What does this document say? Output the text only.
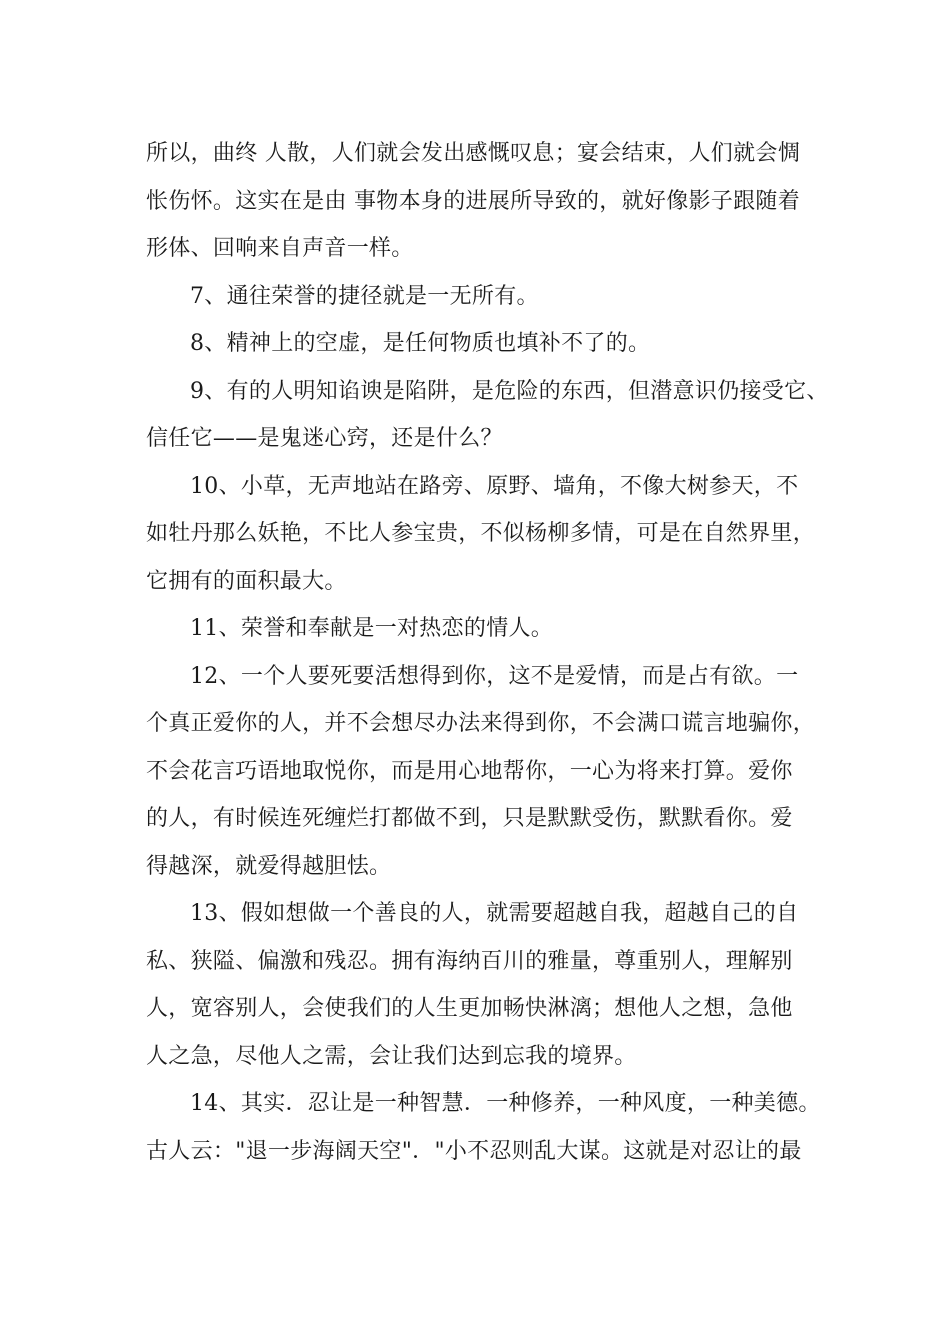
所以，曲终 人散，人们就会发出感慨叹息；宴会结束，人们就会惆
怅伤怀。这实在是由 事物本身的进展所导致的，就好像影子跟随着
形体、回响来自声音一样。
7、通往荣誉的捷径就是一无所有。
8、精神上的空虚，是任何物质也填补不了的。
9、有的人明知谄谀是陷阱，是危险的东西，但潜意识仍接受它、
信任它——是鬼迷心窍，还是什么？
10、小草，无声地站在路旁、原野、墙角，不像大树参天，不
如牡丹那么妖艳，不比人参宝贵，不似杨柳多情，可是在自然界里，
它拥有的面积最大。
11、荣誉和奉献是一对热恋的情人。
12、一个人要死要活想得到你，这不是爱情，而是占有欲。一
个真正爱你的人，并不会想尽办法来得到你，不会满口谎言地骗你，
不会花言巧语地取悦你，而是用心地帮你，一心为将来打算。爱你
的人，有时候连死缠烂打都做不到，只是默默受伤，默默看你。爱
得越深，就爱得越胆怯。
13、假如想做一个善良的人，就需要超越自我，超越自己的自
私、狭隘、偏激和残忍。拥有海纳百川的雅量，尊重别人，理解别
人，宽容别人，会使我们的人生更加畅快淋漓；想他人之想，急他
人之急，尽他人之需，会让我们达到忘我的境界。
14、其实．忍让是一种智慧．一种修养，一种风度，一种美德。
古人云："退一步海阔天空"．"小不忍则乱大谋。这就是对忍让的最
